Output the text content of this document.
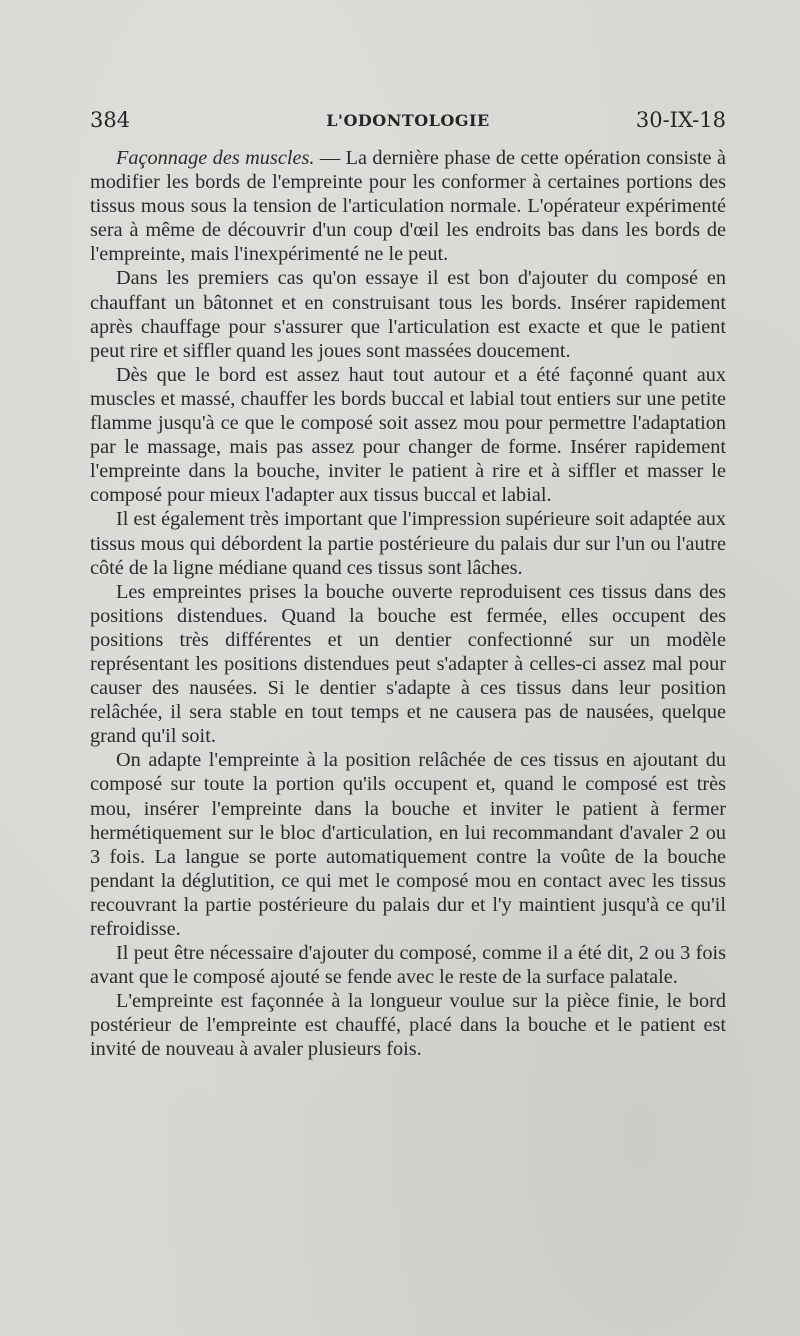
384	L'ODONTOLOGIE	30-IX-18

Façonnage des muscles. — La dernière phase de cette opération consiste à modifier les bords de l'empreinte pour les conformer à certaines portions des tissus mous sous la tension de l'articulation normale. L'opérateur expérimenté sera à même de découvrir d'un coup d'œil les endroits bas dans les bords de l'empreinte, mais l'inexpérimenté ne le peut.

Dans les premiers cas qu'on essaye il est bon d'ajouter du composé en chauffant un bâtonnet et en construisant tous les bords. Insérer rapidement après chauffage pour s'assurer que l'articulation est exacte et que le patient peut rire et siffler quand les joues sont massées doucement.

Dès que le bord est assez haut tout autour et a été façonné quant aux muscles et massé, chauffer les bords buccal et labial tout entiers sur une petite flamme jusqu'à ce que le composé soit assez mou pour permettre l'adaptation par le massage, mais pas assez pour changer de forme. Insérer rapidement l'empreinte dans la bouche, inviter le patient à rire et à siffler et masser le composé pour mieux l'adapter aux tissus buccal et labial.

Il est également très important que l'impression supérieure soit adaptée aux tissus mous qui débordent la partie postérieure du palais dur sur l'un ou l'autre côté de la ligne médiane quand ces tissus sont lâches.

Les empreintes prises la bouche ouverte reproduisent ces tissus dans des positions distendues. Quand la bouche est fermée, elles occupent des positions très différentes et un dentier confectionné sur un modèle représentant les positions distendues peut s'adapter à celles-ci assez mal pour causer des nausées. Si le dentier s'adapte à ces tissus dans leur position relâchée, il sera stable en tout temps et ne causera pas de nausées, quelque grand qu'il soit.

On adapte l'empreinte à la position relâchée de ces tissus en ajoutant du composé sur toute la portion qu'ils occupent et, quand le composé est très mou, insérer l'empreinte dans la bouche et inviter le patient à fermer hermétiquement sur le bloc d'articulation, en lui recommandant d'avaler 2 ou 3 fois. La langue se porte automatiquement contre la voûte de la bouche pendant la déglutition, ce qui met le composé mou en contact avec les tissus recouvrant la partie postérieure du palais dur et l'y maintient jusqu'à ce qu'il refroidisse.

Il peut être nécessaire d'ajouter du composé, comme il a été dit, 2 ou 3 fois avant que le composé ajouté se fende avec le reste de la surface palatale.

L'empreinte est façonnée à la longueur voulue sur la pièce finie, le bord postérieur de l'empreinte est chauffé, placé dans la bouche et le patient est invité de nouveau à avaler plusieurs fois.
